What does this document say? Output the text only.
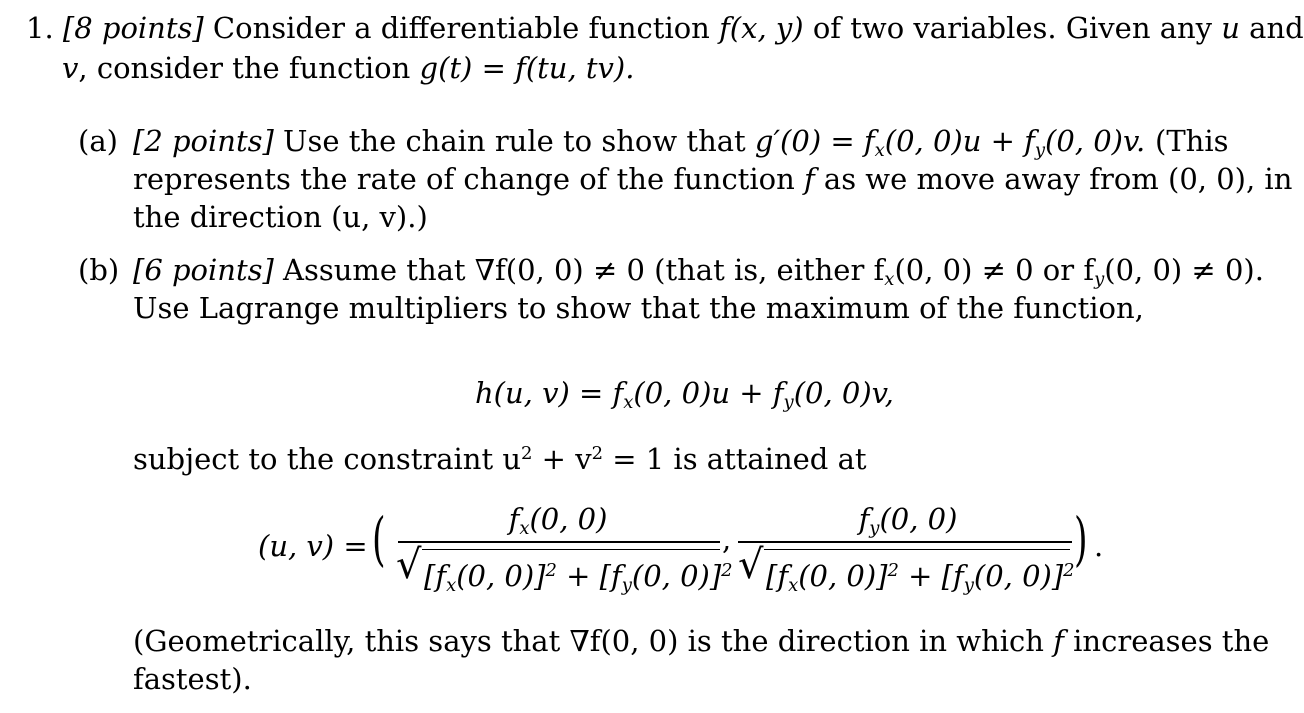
1. [8 points] Consider a differentiable function f(x, y) of two variables. Given any u and
v, consider the function g(t) = f(tu, tv).
(a) [2 points] Use the chain rule to show that $g'(0) = f_x(0$, $0)u + f_y(0$, 0)v. (This
represents the rate of change of the function f as we move away from (0, 0), in
the direction (u, v).)
(b) [6 points] Assume that ∇f(0, 0) ≠ 0 (that is, either $f_x(0$, 0) ≠ 0 or $f_y(0$, 0) ≠ 0).
Use Lagrange multipliers to show that the maximum of the function,
h(u, $v) = f_x(0$, $0)u + f_y(0$, 0)v,
subject to the constraint $u^2 + v^2 = 1$ is attained at
(u, v) = (	$f_x(0$, 0)
√ [$f_x(0$, $0)]^2 + [f_y(0$, 0)]$^2$
,
$f_y(0$, 0)
√ [$f_x(0$, $0)]^2 + [f_y(0$, 0)]$^2$ ) .
(Geometrically, this says that ∇f(0, 0) is the direction in which f increases the
fastest).
